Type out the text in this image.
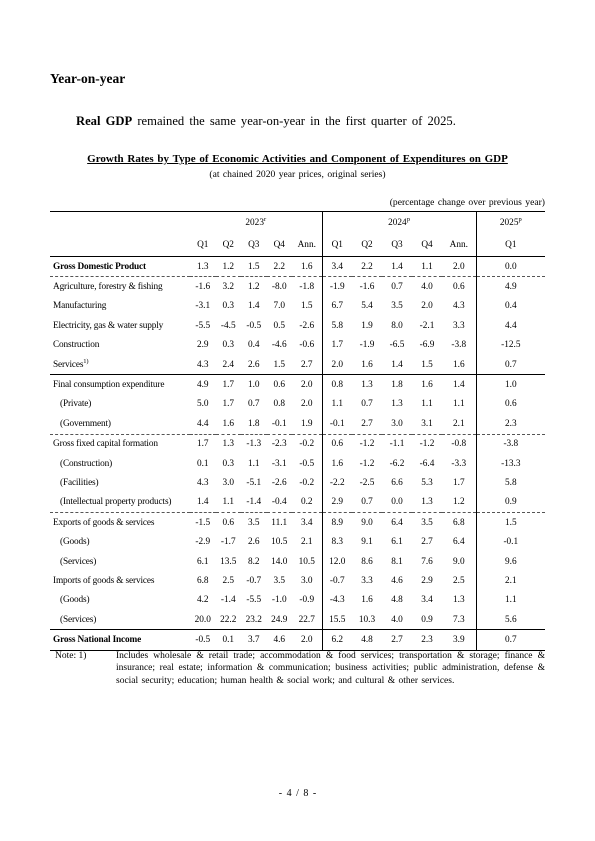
Year-on-year
Real GDP remained the same year-on-year in the first quarter of 2025.
Growth Rates by Type of Economic Activities and Component of Expenditures on GDP
(at chained 2020 year prices, original series)
(percentage change over previous year)
	2023$^r$					2024$^p$					2025$^p$
	Q1	Q2	Q3	Q4	Ann.	Q1	Q2	Q3	Q4	Ann.	Q1
Gross Domestic Product	1.3	1.2	1.5	2.2	1.6	3.4	2.2	1.4	1.1	2.0	0.0
Agriculture, forestry & fishing	-1.6	3.2	1.2	-8.0	-1.8	-1.9	-1.6	0.7	4.0	0.6	4.9
Manufacturing	-3.1	0.3	1.4	7.0	1.5	6.7	5.4	3.5	2.0	4.3	0.4
Electricity, gas & water supply	-5.5	-4.5	-0.5	0.5	-2.6	5.8	1.9	8.0	-2.1	3.3	4.4
Construction	2.9	0.3	0.4	-4.6	-0.6	1.7	-1.9	-6.5	-6.9	-3.8	-12.5
Services$^{1)}$	4.3	2.4	2.6	1.5	2.7	2.0	1.6	1.4	1.5	1.6	0.7
Final consumption expenditure	4.9	1.7	1.0	0.6	2.0	0.8	1.3	1.8	1.6	1.4	1.0
(Private)	5.0	1.7	0.7	0.8	2.0	1.1	0.7	1.3	1.1	1.1	0.6
(Government)	4.4	1.6	1.8	-0.1	1.9	-0.1	2.7	3.0	3.1	2.1	2.3
Gross fixed capital formation	1.7	1.3	-1.3	-2.3	-0.2	0.6	-1.2	-1.1	-1.2	-0.8	-3.8
(Construction)	0.1	0.3	1.1	-3.1	-0.5	1.6	-1.2	-6.2	-6.4	-3.3	-13.3
(Facilities)	4.3	3.0	-5.1	-2.6	-0.2	-2.2	-2.5	6.6	5.3	1.7	5.8
(Intellectual property products)	1.4	1.1	-1.4	-0.4	0.2	2.9	0.7	0.0	1.3	1.2	0.9
Exports of goods & services	-1.5	0.6	3.5	11.1	3.4	8.9	9.0	6.4	3.5	6.8	1.5
(Goods)	-2.9	-1.7	2.6	10.5	2.1	8.3	9.1	6.1	2.7	6.4	-0.1
(Services)	6.1	13.5	8.2	14.0	10.5	12.0	8.6	8.1	7.6	9.0	9.6
Imports of goods & services	6.8	2.5	-0.7	3.5	3.0	-0.7	3.3	4.6	2.9	2.5	2.1
(Goods)	4.2	-1.4	-5.5	-1.0	-0.9	-4.3	1.6	4.8	3.4	1.3	1.1
(Services)	20.0	22.2	23.2	24.9	22.7	15.5	10.3	4.0	0.9	7.3	5.6
Gross National Income	-0.5	0.1	3.7	4.6	2.0	6.2	4.8	2.7	2.3	3.9	0.7
Note: 1)	Includes wholesale & retail trade; accommodation & food services; transportation & storage; finance & insurance; real estate; information & communication; business activities; public administration, defense & social security; education; human health & social work; and cultural & other services.
- 4 / 8 -
